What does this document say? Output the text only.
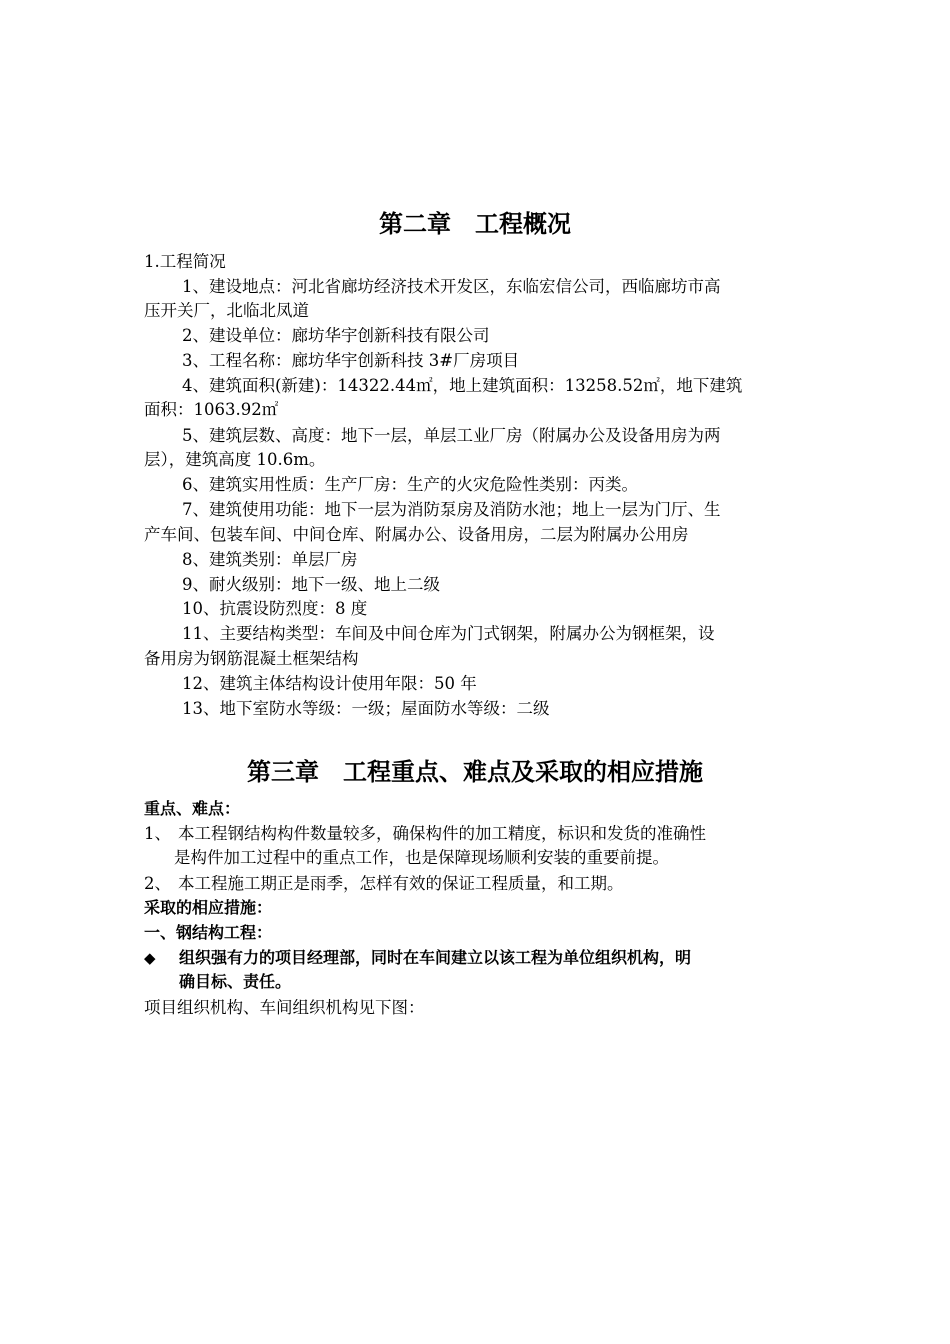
第二章　工程概况
1.工程简况
1、建设地点：河北省廊坊经济技术开发区，东临宏信公司，西临廊坊市高
压开关厂，北临北凤道
2、建设单位：廊坊华宇创新科技有限公司
3、工程名称：廊坊华宇创新科技 3#厂房项目
4、建筑面积(新建)：14322.44㎡，地上建筑面积：13258.52㎡，地下建筑
面积：1063.92㎡
5、建筑层数、高度：地下一层，单层工业厂房（附属办公及设备用房为两
层），建筑高度 10.6m。
6、建筑实用性质：生产厂房：生产的火灾危险性类别：丙类。
7、建筑使用功能：地下一层为消防泵房及消防水池；地上一层为门厅、生
产车间、包装车间、中间仓库、附属办公、设备用房，二层为附属办公用房
8、建筑类别：单层厂房
9、耐火级别：地下一级、地上二级
10、抗震设防烈度：8 度
11、主要结构类型：车间及中间仓库为门式钢架，附属办公为钢框架，设
备用房为钢筋混凝土框架结构
12、建筑主体结构设计使用年限：50 年
13、地下室防水等级：一级；屋面防水等级：二级
第三章　工程重点、难点及采取的相应措施
重点、难点：
1、 本工程钢结构构件数量较多，确保构件的加工精度，标识和发货的准确性
是构件加工过程中的重点工作，也是保障现场顺利安装的重要前提。
2、 本工程施工期正是雨季，怎样有效的保证工程质量，和工期。
采取的相应措施：
一、钢结构工程：
◆ 组织强有力的项目经理部，同时在车间建立以该工程为单位组织机构，明
确目标、责任。
项目组织机构、车间组织机构见下图：
